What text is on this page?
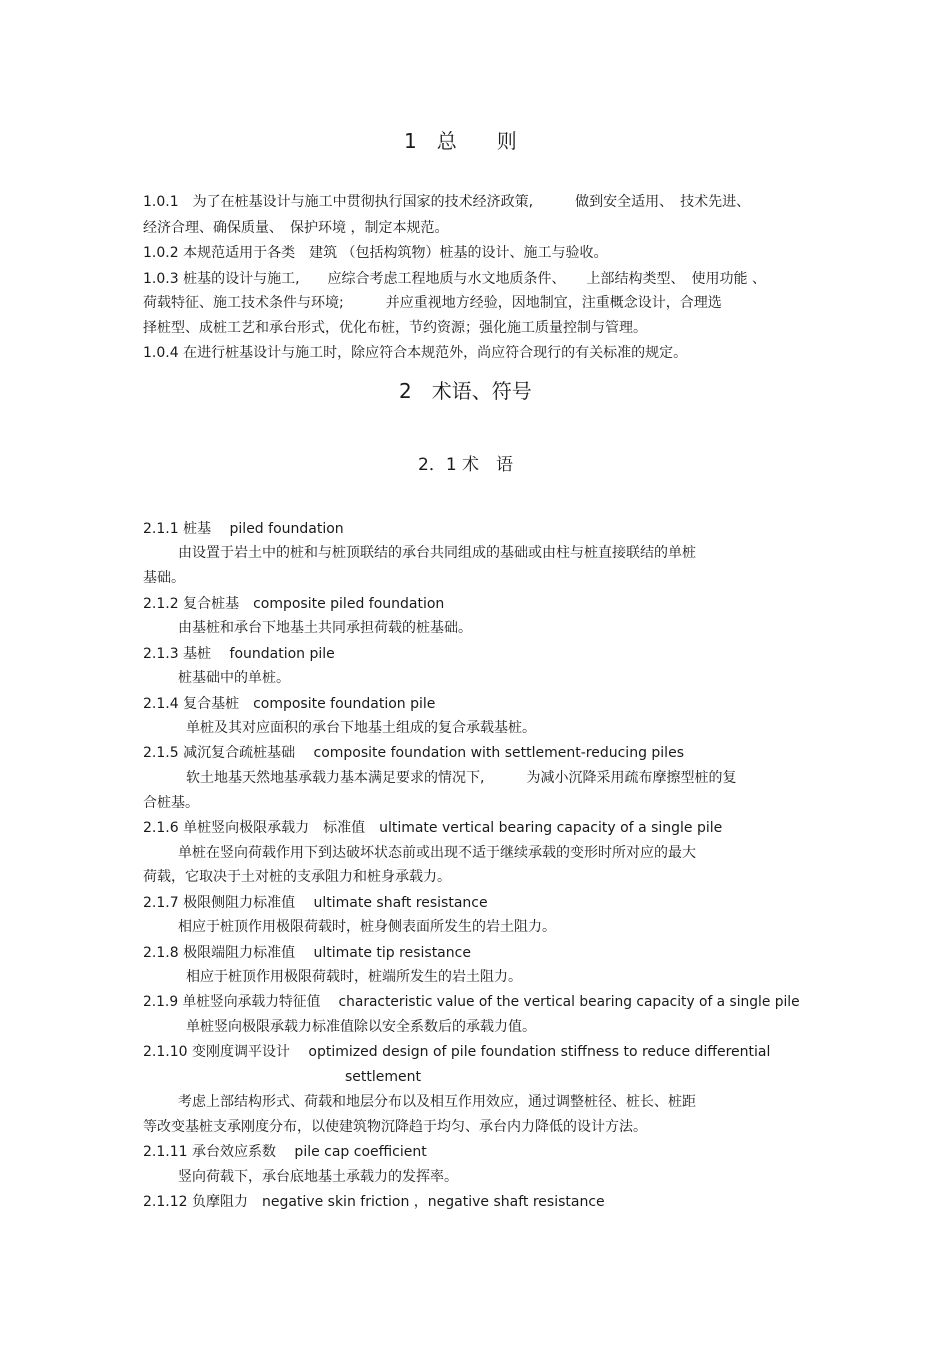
1　总　　则
1.0.1　为了在桩基设计与施工中贯彻执行国家的技术经济政策,　　　做到安全适用、　技术先进、
经济合理、确保质量、　保护环境 ，制定本规范。
1.0.2 本规范适用于各类　建筑 （包括构筑物）桩基的设计、施工与验收。
1.0.3 桩基的设计与施工,　　应综合考虑工程地质与水文地质条件、　　上部结构类型、　使用功能 、
荷载特征、施工技术条件与环境;　　　并应重视地方经验，因地制宜，注重概念设计，合理选
择桩型、成桩工艺和承台形式，优化布桩，节约资源；强化施工质量控制与管理。
1.0.4 在进行桩基设计与施工时，除应符合本规范外，尚应符合现行的有关标准的规定。
2　术语、符号
2．1 术　语
2.1.1 桩基　 piled foundation
由设置于岩土中的桩和与桩顶联结的承台共同组成的基础或由柱与桩直接联结的单桩
基础。
2.1.2 复合桩基　composite piled foundation
由基桩和承台下地基土共同承担荷载的桩基础。
2.1.3 基桩　 foundation pile
桩基础中的单桩。
2.1.4 复合基桩　composite foundation pile
单桩及其对应面积的承台下地基土组成的复合承载基桩。
2.1.5 减沉复合疏桩基础　 composite foundation with settlement-reducing piles
软土地基天然地基承载力基本满足要求的情况下,　　　为减小沉降采用疏布摩擦型桩的复
合桩基。
2.1.6 单桩竖向极限承载力　标准值　ultimate vertical bearing capacity of a single pile
单桩在竖向荷载作用下到达破坏状态前或出现不适于继续承载的变形时所对应的最大
荷载，它取决于土对桩的支承阻力和桩身承载力。
2.1.7 极限侧阻力标准值　 ultimate shaft resistance
相应于桩顶作用极限荷载时，桩身侧表面所发生的岩土阻力。
2.1.8 极限端阻力标准值　 ultimate tip resistance
相应于桩顶作用极限荷载时，桩端所发生的岩土阻力。
2.1.9 单桩竖向承载力特征值　 characteristic value of the vertical bearing capacity of a single pile
单桩竖向极限承载力标准值除以安全系数后的承载力值。
2.1.10 变刚度调平设计　 optimized design of pile foundation stiffness to reduce differential
settlement
考虑上部结构形式、荷载和地层分布以及相互作用效应，通过调整桩径、桩长、桩距
等改变基桩支承刚度分布，以使建筑物沉降趋于均匀、承台内力降低的设计方法。
2.1.11 承台效应系数　 pile cap coefficient
竖向荷载下，承台底地基土承载力的发挥率。
2.1.12 负摩阻力　negative skin friction ，negative shaft resistance
